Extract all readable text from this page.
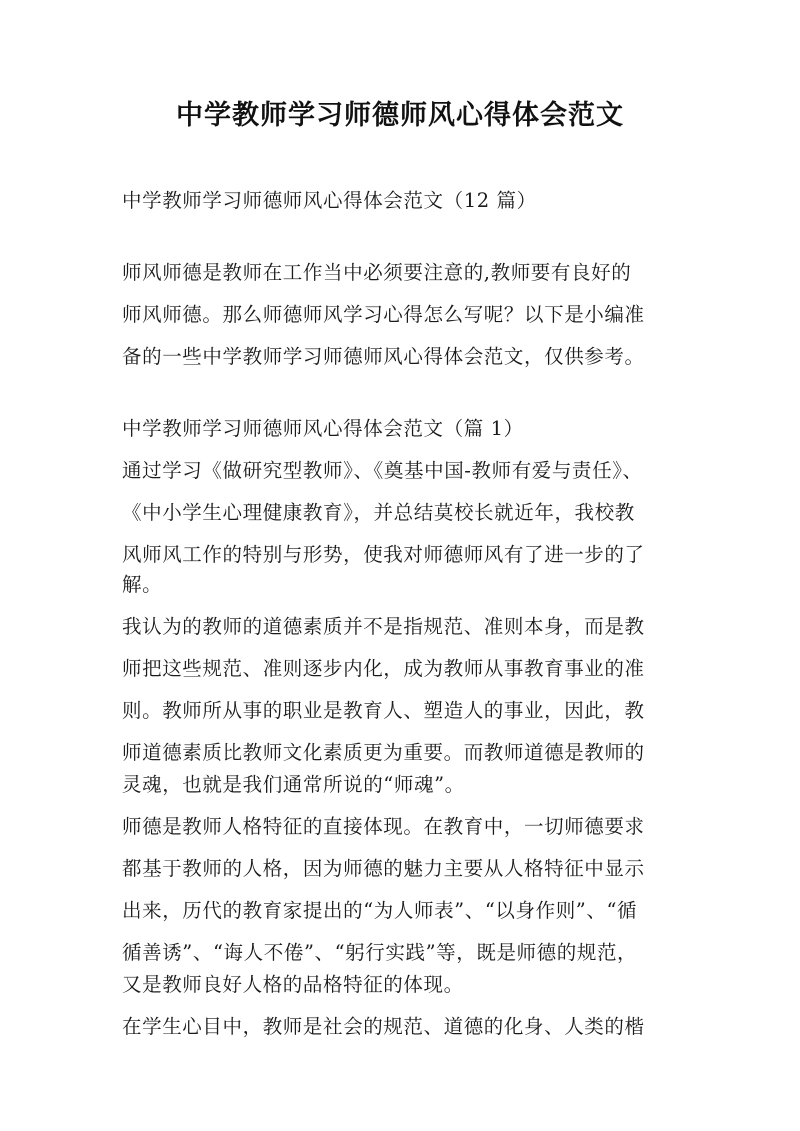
中学教师学习师德师风心得体会范文
中学教师学习师德师风心得体会范文（12 篇）
师风师德是教师在工作当中必须要注意的,教师要有良好的
师风师德。那么师德师风学习心得怎么写呢？以下是小编准
备的一些中学教师学习师德师风心得体会范文，仅供参考。
中学教师学习师德师风心得体会范文（篇 1）
通过学习《做研究型教师》、《奠基中国-教师有爱与责任》、
《中小学生心理健康教育》，并总结莫校长就近年，我校教
风师风工作的特别与形势，使我对师德师风有了进一步的了
解。
我认为的教师的道德素质并不是指规范、准则本身，而是教
师把这些规范、准则逐步内化，成为教师从事教育事业的准
则。教师所从事的职业是教育人、塑造人的事业，因此，教
师道德素质比教师文化素质更为重要。而教师道德是教师的
灵魂，也就是我们通常所说的“师魂”。
师德是教师人格特征的直接体现。在教育中，一切师德要求
都基于教师的人格，因为师德的魅力主要从人格特征中显示
出来，历代的教育家提出的“为人师表”、“以身作则”、“循
循善诱”、“诲人不倦”、“躬行实践”等，既是师德的规范，
又是教师良好人格的品格特征的体现。
在学生心目中，教师是社会的规范、道德的化身、人类的楷
